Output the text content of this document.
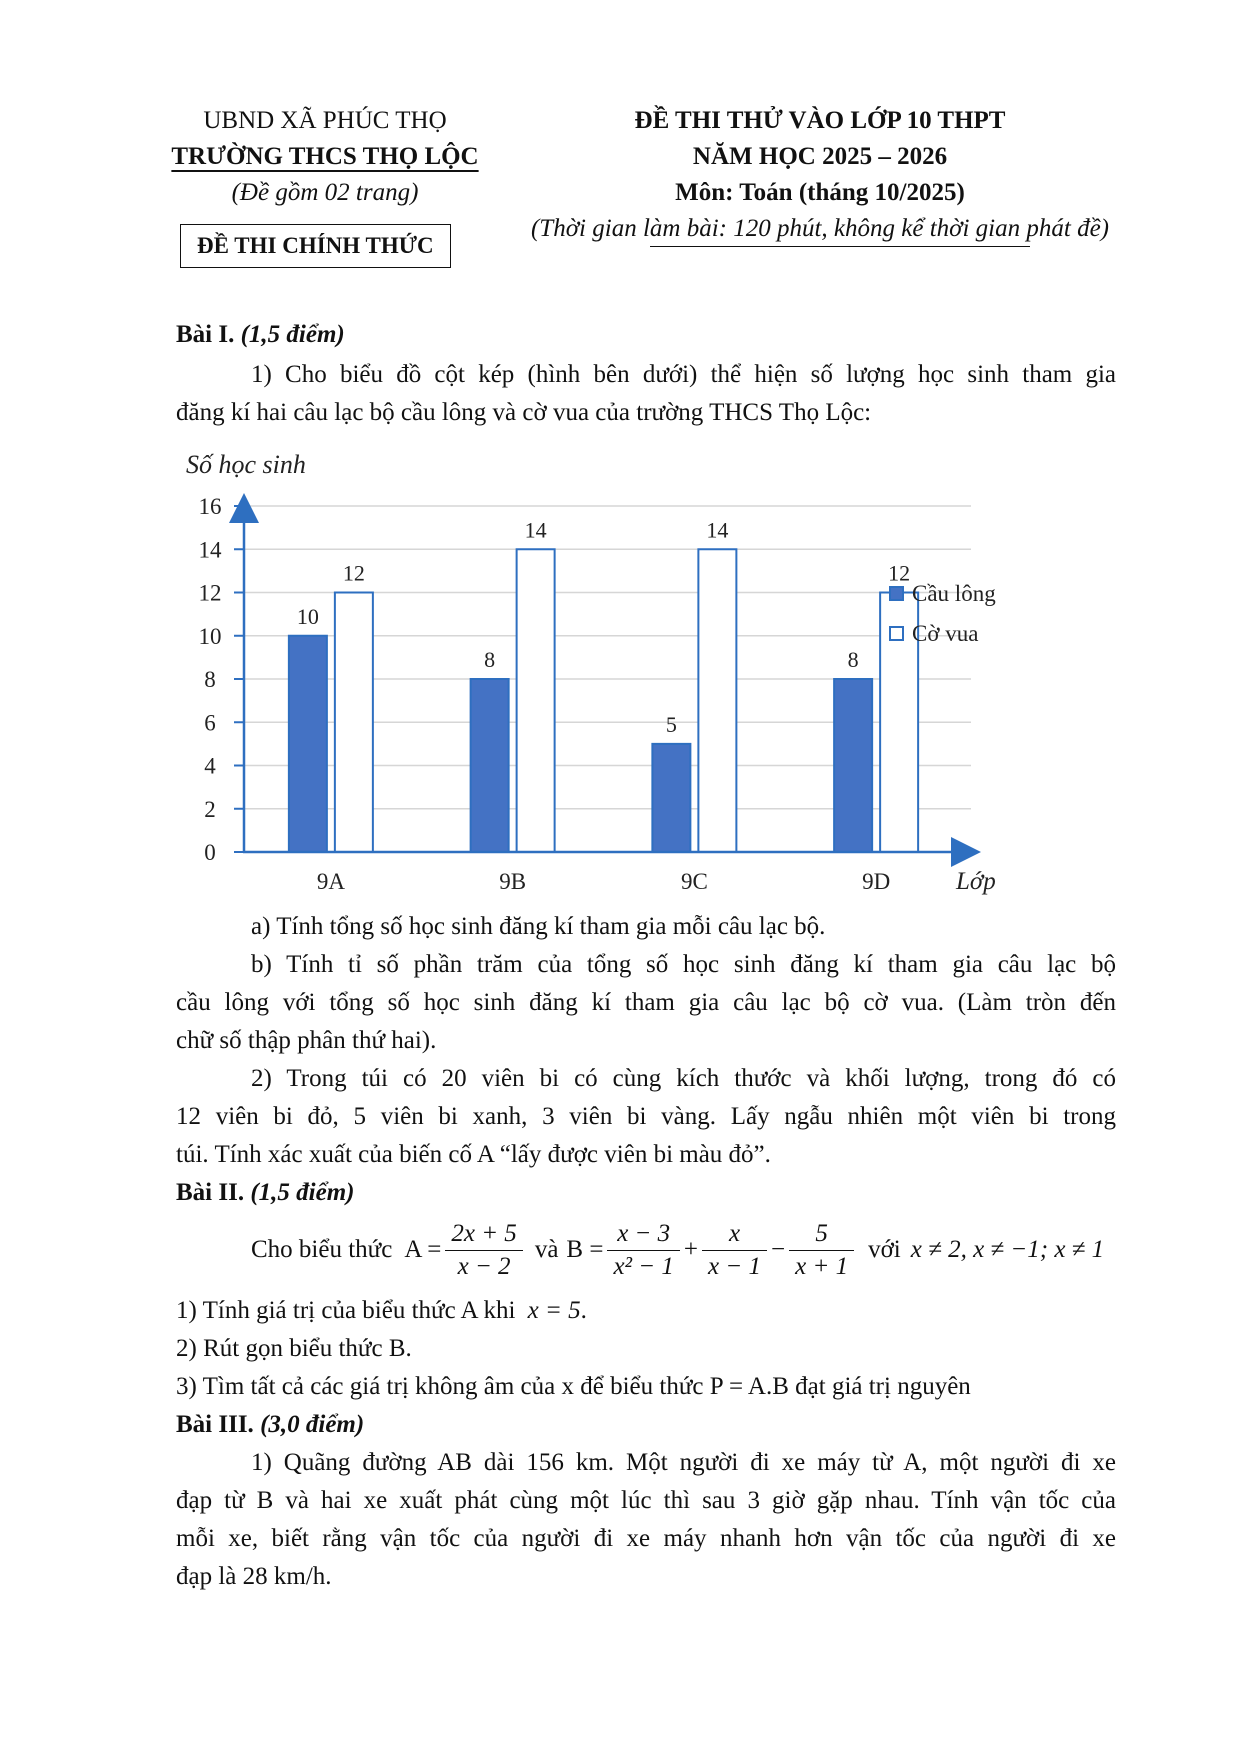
UBND XÃ PHÚC THỌ
TRƯỜNG THCS THỌ LỘC
(Đề gồm 02 trang)
ĐỀ THI CHÍNH THỨC
ĐỀ THI THỬ VÀO LỚP 10 THPT
NĂM HỌC 2025 – 2026
Môn: Toán (tháng 10/2025)
(Thời gian làm bài: 120 phút, không kể thời gian phát đề)
Bài I. (1,5 điểm)
1) Cho biểu đồ cột kép (hình bên dưới) thể hiện số lượng học sinh tham gia
đăng kí hai câu lạc bộ cầu lông và cờ vua của trường THCS Thọ Lộc:
Số học sinh
0
2
4
6
8
10
12
14
16
10
12
8
14
5
14
8
12
9A	9B	9C	9D	Lớp
Cầu lông
Cờ vua
a) Tính tổng số học sinh đăng kí tham gia mỗi câu lạc bộ.
b) Tính tỉ số phần trăm của tổng số học sinh đăng kí tham gia câu lạc bộ
cầu lông với tổng số học sinh đăng kí tham gia câu lạc bộ cờ vua. (Làm tròn đến
chữ số thập phân thứ hai).
2) Trong túi có 20 viên bi có cùng kích thước và khối lượng, trong đó có
12 viên bi đỏ, 5 viên bi xanh, 3 viên bi vàng. Lấy ngẫu nhiên một viên bi trong
túi. Tính xác xuất của biến cố A “lấy được viên bi màu đỏ”.
Bài II. (1,5 điểm)
Cho biểu thức $A = \frac{2x + 5}{x - 2}$ và $B = \frac{x - 3}{\text{x² − 1}} + \frac{x}{x - 1} - \frac{5}{x + 1}$ với x ≠ 2, x ≠ −1; x ≠ 1
1) Tính giá trị của biểu thức A khi x = 5.
2) Rút gọn biểu thức B.
3) Tìm tất cả các giá trị không âm của x để biểu thức P = A.B đạt giá trị nguyên
Bài III. (3,0 điểm)
1) Quãng đường AB dài 156 km. Một người đi xe máy từ A, một người đi xe
đạp từ B và hai xe xuất phát cùng một lúc thì sau 3 giờ gặp nhau. Tính vận tốc của
mỗi xe, biết rằng vận tốc của người đi xe máy nhanh hơn vận tốc của người đi xe
đạp là 28 km/h.
